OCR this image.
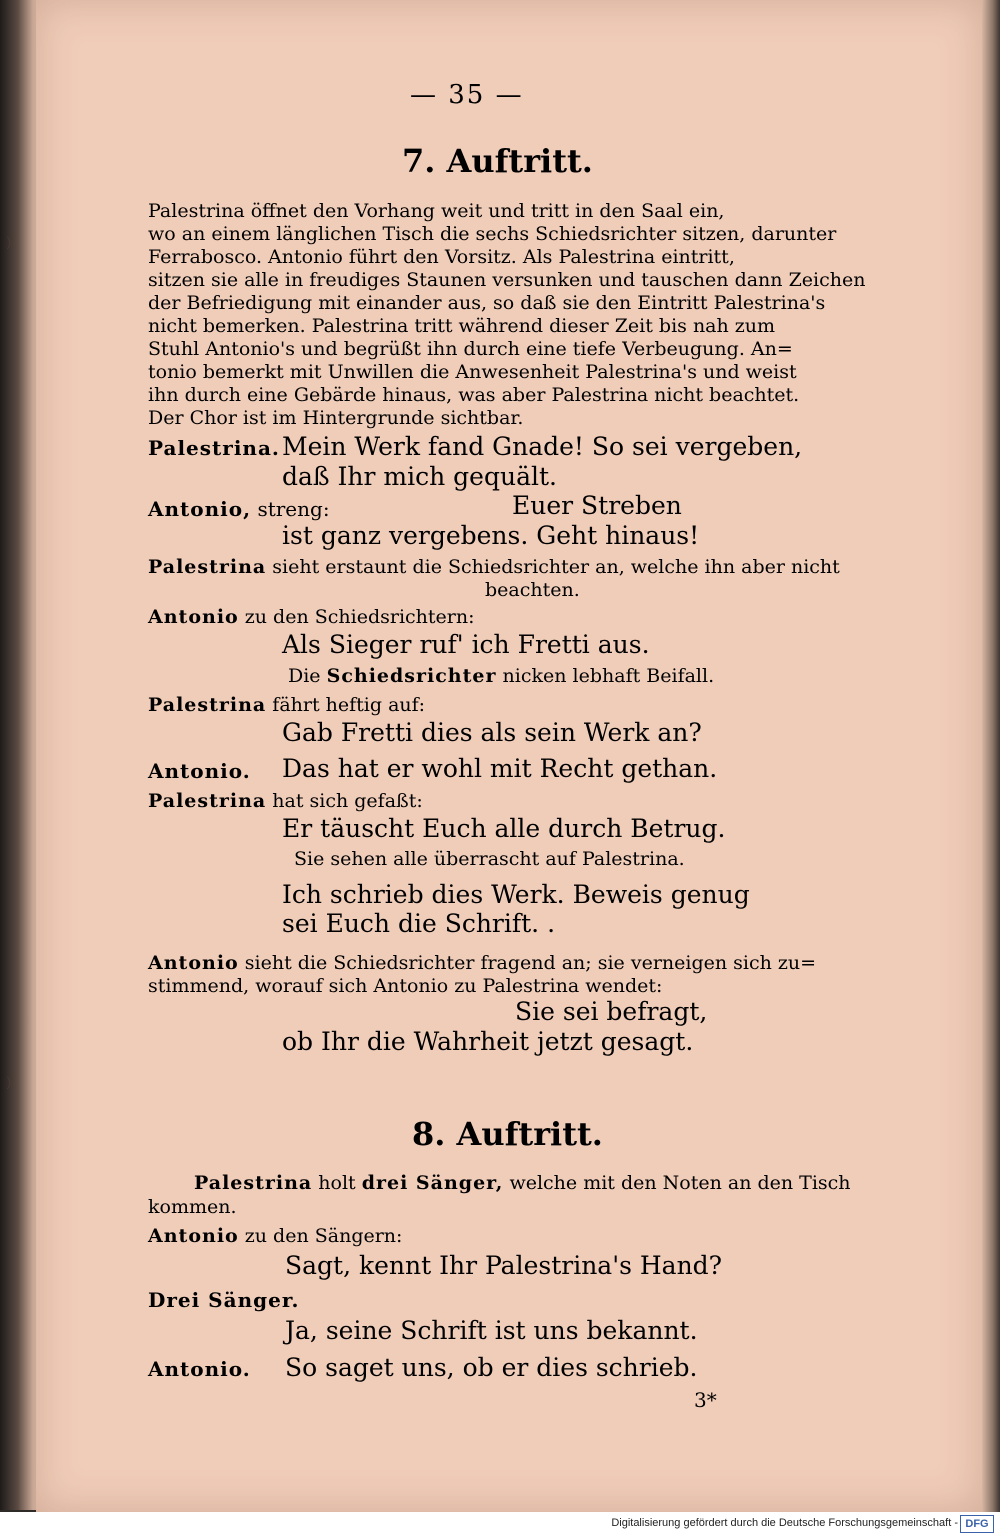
)
)
— 35 —
7. Auftritt.

Palestrina öffnet den Vorhang weit und tritt in den Saal ein,

wo an einem länglichen Tisch die sechs Schiedsrichter sitzen, darunter

Ferrabosco. Antonio führt den Vorsitz. Als Palestrina eintritt,

sitzen sie alle in freudiges Staunen versunken und tauschen dann Zeichen

der Befriedigung mit einander aus, so daß sie den Eintritt Palestrina's

nicht bemerken. Palestrina tritt während dieser Zeit bis nah zum

Stuhl Antonio's und begrüßt ihn durch eine tiefe Verbeugung. An=

tonio bemerkt mit Unwillen die Anwesenheit Palestrina's und weist

ihn durch eine Gebärde hinaus, was aber Palestrina nicht beachtet.

Der Chor ist im Hintergrunde sichtbar.

Palestrina. Mein Werk fand Gnade! So sei vergeben,
daß Ihr mich gequält.
Antonio, streng:	Euer Streben
ist ganz vergebens. Geht hinaus!
Palestrina sieht erstaunt die Schiedsrichter an, welche ihn aber nicht
beachten.
Antonio zu den Schiedsrichtern:
Als Sieger ruf' ich Fretti aus.
Die Schiedsrichter nicken lebhaft Beifall.
Palestrina fährt heftig auf:
Gab Fretti dies als sein Werk an?
Antonio. Das hat er wohl mit Recht gethan.
Palestrina hat sich gefaßt:
Er täuscht Euch alle durch Betrug.
Sie sehen alle überrascht auf Palestrina.
Ich schrieb dies Werk. Beweis genug
sei Euch die Schrift. .
Antonio sieht die Schiedsrichter fragend an; sie verneigen sich zu=
stimmend, worauf sich Antonio zu Palestrina wendet:
Sie sei befragt,
ob Ihr die Wahrheit jetzt gesagt.
8. Auftritt.
Palestrina holt drei Sänger, welche mit den Noten an den Tisch
kommen.
Antonio zu den Sängern:
Sagt, kennt Ihr Palestrina's Hand?
Drei Sänger.
Ja, seine Schrift ist uns bekannt.
Antonio. So saget uns, ob er dies schrieb.
3*
Digitalisierung gefördert durch die Deutsche Forschungsgemeinschaft - DFG
